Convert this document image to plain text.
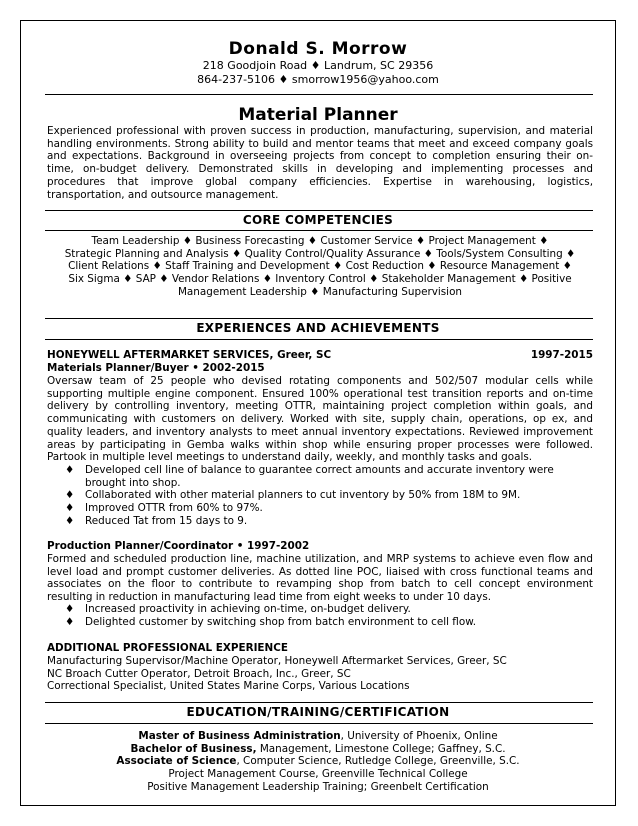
Donald S. Morrow
218 Goodjoin Road ♦ Landrum, SC 29356
864-237-5106 ♦ smorrow1956@yahoo.com
Material Planner
Experienced professional with proven success in production, manufacturing, supervision, and material handling environments. Strong ability to build and mentor teams that meet and exceed company goals and expectations. Background in overseeing projects from concept to completion ensuring their on-time, on-budget delivery. Demonstrated skills in developing and implementing processes and procedures that improve global company efficiencies. Expertise in warehousing, logistics, transportation, and outsource management.
CORE COMPETENCIES
Team Leadership ♦ Business Forecasting ♦ Customer Service ♦ Project Management ♦
Strategic Planning and Analysis ♦ Quality Control/Quality Assurance ♦ Tools/System Consulting ♦
Client Relations ♦ Staff Training and Development ♦ Cost Reduction ♦ Resource Management ♦
Six Sigma ♦ SAP ♦ Vendor Relations ♦ Inventory Control ♦ Stakeholder Management ♦ Positive
Management Leadership ♦ Manufacturing Supervision
EXPERIENCES AND ACHIEVEMENTS
HONEYWELL AFTERMARKET SERVICES, Greer, SC	1997-2015
Materials Planner/Buyer • 2002-2015
Oversaw team of 25 people who devised rotating components and 502/507 modular cells while supporting multiple engine component. Ensured 100% operational test transition reports and on-time delivery by controlling inventory, meeting OTTR, maintaining project completion within goals, and communicating with customers on delivery. Worked with site, supply chain, operations, op ex, and quality leaders, and inventory analysts to meet annual inventory expectations. Reviewed improvement areas by participating in Gemba walks within shop while ensuring proper processes were followed. Partook in multiple level meetings to understand daily, weekly, and monthly tasks and goals.
♦ Developed cell line of balance to guarantee correct amounts and accurate inventory were brought into shop.
♦ Collaborated with other material planners to cut inventory by 50% from 18M to 9M.
♦ Improved OTTR from 60% to 97%.
♦ Reduced Tat from 15 days to 9.
Production Planner/Coordinator • 1997-2002
Formed and scheduled production line, machine utilization, and MRP systems to achieve even flow and level load and prompt customer deliveries. As dotted line POC, liaised with cross functional teams and associates on the floor to contribute to revamping shop from batch to cell concept environment resulting in reduction in manufacturing lead time from eight weeks to under 10 days.
♦ Increased proactivity in achieving on-time, on-budget delivery.
♦ Delighted customer by switching shop from batch environment to cell flow.
ADDITIONAL PROFESSIONAL EXPERIENCE
Manufacturing Supervisor/Machine Operator, Honeywell Aftermarket Services, Greer, SC
NC Broach Cutter Operator, Detroit Broach, Inc., Greer, SC
Correctional Specialist, United States Marine Corps, Various Locations
EDUCATION/TRAINING/CERTIFICATION
Master of Business Administration, University of Phoenix, Online
Bachelor of Business, Management, Limestone College; Gaffney, S.C.
Associate of Science, Computer Science, Rutledge College, Greenville, S.C.
Project Management Course, Greenville Technical College
Positive Management Leadership Training; Greenbelt Certification
